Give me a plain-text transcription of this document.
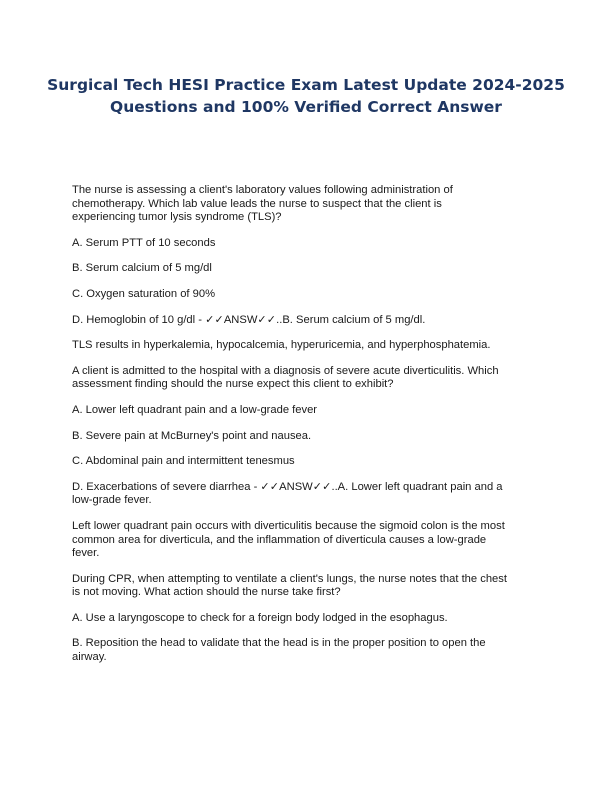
Surgical Tech HESI Practice Exam Latest Update 2024-2025
Questions and 100% Verified Correct Answer
The nurse is assessing a client's laboratory values following administration of
chemotherapy. Which lab value leads the nurse to suspect that the client is
experiencing tumor lysis syndrome (TLS)?
A. Serum PTT of 10 seconds
B. Serum calcium of 5 mg/dl
C. Oxygen saturation of 90%
D. Hemoglobin of 10 g/dl - ✓✓ANSW✓✓..B. Serum calcium of 5 mg/dl.
TLS results in hyperkalemia, hypocalcemia, hyperuricemia, and hyperphosphatemia.
A client is admitted to the hospital with a diagnosis of severe acute diverticulitis. Which
assessment finding should the nurse expect this client to exhibit?
A. Lower left quadrant pain and a low-grade fever
B. Severe pain at McBurney's point and nausea.
C. Abdominal pain and intermittent tenesmus
D. Exacerbations of severe diarrhea - ✓✓ANSW✓✓..A. Lower left quadrant pain and a
low-grade fever.
Left lower quadrant pain occurs with diverticulitis because the sigmoid colon is the most
common area for diverticula, and the inflammation of diverticula causes a low-grade
fever.
During CPR, when attempting to ventilate a client's lungs, the nurse notes that the chest
is not moving. What action should the nurse take first?
A. Use a laryngoscope to check for a foreign body lodged in the esophagus.
B. Reposition the head to validate that the head is in the proper position to open the
airway.
